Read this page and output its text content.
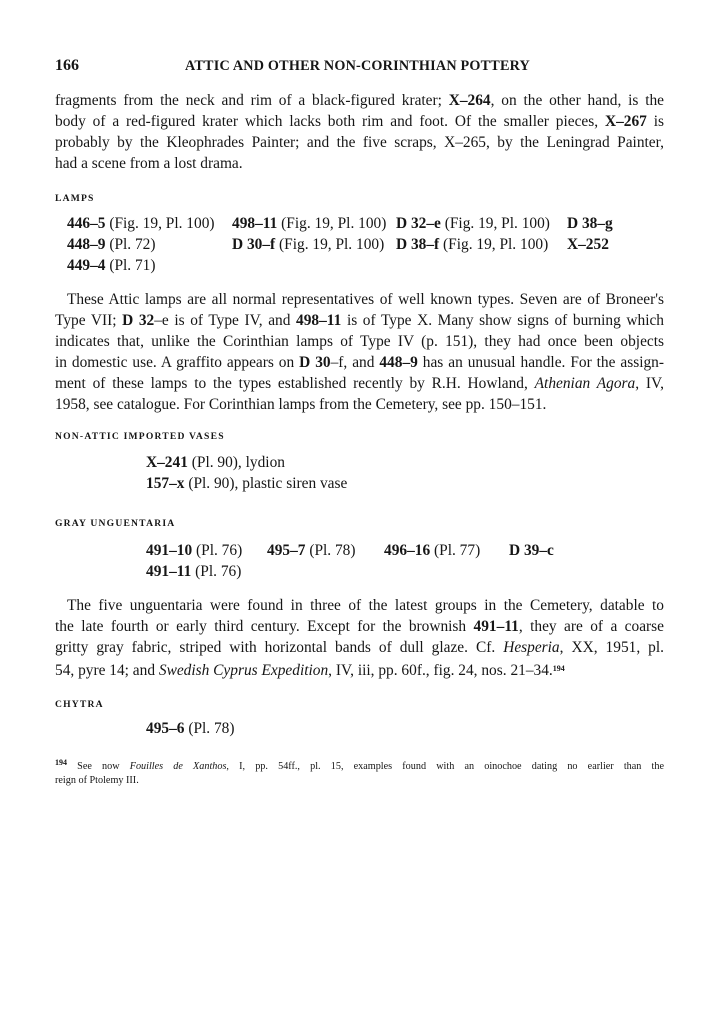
166	ATTIC AND OTHER NON-CORINTHIAN POTTERY
fragments from the neck and rim of a black-figured krater; X–264, on the other hand, is the
body of a red-figured krater which lacks both rim and foot. Of the smaller pieces, X–267 is
probably by the Kleophrades Painter; and the five scraps, X–265, by the Leningrad Painter,
had a scene from a lost drama.
LAMPS
446–5 (Fig. 19, Pl. 100) 498–11 (Fig. 19, Pl. 100) D 32–e (Fig. 19, Pl. 100) D 38–g
448–9 (Pl. 72)	D 30–f (Fig. 19, Pl. 100) D 38–f (Fig. 19, Pl. 100) X–252
449–4 (Pl. 71)
These Attic lamps are all normal representatives of well known types. Seven are of Broneer's
Type VII; D 32–e is of Type IV, and 498–11 is of Type X. Many show signs of burning which
indicates that, unlike the Corinthian lamps of Type IV (p. 151), they had once been objects
in domestic use. A graffito appears on D 30–f, and 448–9 has an unusual handle. For the assign-
ment of these lamps to the types established recently by R.H. Howland, Athenian Agora, IV,
1958, see catalogue. For Corinthian lamps from the Cemetery, see pp. 150–151.
NON-ATTIC IMPORTED VASES
X–241 (Pl. 90), lydion
157–x (Pl. 90), plastic siren vase
GRAY UNGUENTARIA
491–10 (Pl. 76) 495–7 (Pl. 78) 496–16 (Pl. 77) D 39–c
491–11 (Pl. 76)
The five unguentaria were found in three of the latest groups in the Cemetery, datable to
the late fourth or early third century. Except for the brownish 491–11, they are of a coarse
gritty gray fabric, striped with horizontal bands of dull glaze. Cf. Hesperia, XX, 1951, pl.
54, pyre 14; and Swedish Cyprus Expedition, IV, iii, pp. 60f., fig. 24, nos. 21–34.$^{194}$
CHYTRA
495–6 (Pl. 78)
$^{194}$ See now Fouilles de Xanthos, I, pp. 54ff., pl. 15, examples found with an oinochoe dating no earlier than the
reign of Ptolemy III.
